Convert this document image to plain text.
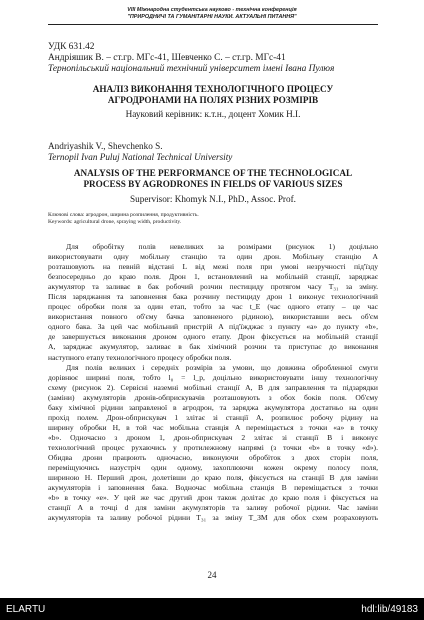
VIII Міжнародна студентська науково - технічна конференція
"ПРИРОДНИЧІ ТА ГУМАНІТАРНІ НАУКИ. АКТУАЛЬНІ ПИТАННЯ"
УДК 631.42
Андріяшик В. – ст.гр. МГс-41, Шевченко С. – ст.гр. МГс-41
Тернопільський національний технічний університет імені Івана Пулюя
АНАЛІЗ ВИКОНАННЯ ТЕХНОЛОГІЧНОГО ПРОЦЕСУ
АГРОДРОНАМИ НА ПОЛЯХ РІЗНИХ РОЗМІРІВ
Науковий керівник: к.т.н., доцент Хомик Н.І.
Andriyashik V., Shevchenko S.
Ternopil Ivan Puluj National Technical University
ANALYSIS OF THE PERFORMANCE OF THE TECHNOLOGICAL
PROCESS BY AGRODRONES IN FIELDS OF VARIOUS SIZES
Supervisor: Khomyk N.I., PhD., Assoc. Prof.
Ключові слова: агродрон, ширина розпилення, продуктивність.
Keywords: agricultural drone, spraying width, productivity.
Для обробітку полів невеликих за розмірами (рисунок 1) доцільно
використовувати одну мобільну станцію та один дрон. Мобільну станцію A
розташовують на певній відстані L від межі поля при умові незручності під'їзду
безпосередньо до краю поля. Дрон 1, встановлений на мобільній станції, заряджає
акумулятор та заливає в бак робочий розчин пестициду протягом часу T₃₁ за зміну.
Після заряджання та заповнення бака розчину пестициду дрон 1 виконує технологічний
процес обробки поля за один етап, тобто за час t_E (час одного етапу – це час
використання повного об'єму бачка заповненого рідиною), використавши весь об'єм
одного бака. За цей час мобільний пристрій A під'їжджає з пункту «a» до пункту «b»,
де завершується виконання дроном одного етапу. Дрон фіксується на мобільній станції
A, заряджає акумулятор, заливає в бак хімічний розчин та приступає до виконання
наступного етапу технологічного процесу обробки поля.
Для полів великих і середніх розмірів за умови, що довжина обробленної смуги
дорівнює ширині поля, тобто l₀ = l_p, доцільно використовувати іншу технологічну
схему (рисунок 2). Сервісні наземні мобільні станції A, B для заправлення та підзарядки
(заміни) акумуляторів дронів-обприскувачів розташовують з обох боків поля. Об'єму
баку хімічної рідини заправленої в агродрон, та заряджа акумулятора достатньо на один
прохід полем. Дрон-обприскувач 1 злітає зі станції A, розпилює робочу рідину на
ширину обробки H, в той час мобільна станція A переміщається з точки «a» в точку
«b». Одночасно з дроном 1, дрон-обприскувач 2 злітає зі станції B і виконує
технологічний процес рухаючись у протилежному напрямі (з точки «b» в точку «d»).
Обидва дрони працюють одночасно, виконуючи обробіток з двох сторін поля,
переміщуючись назустріч один одному, захоплюючи кожен окрему полосу поля,
шириною H. Перший дрон, долетівши до краю поля, фіксується на станції B для заміни
акумуляторів і заповнення бака. Водночас мобільна станція B переміщається з точки
«b» в точку «e». У цей же час другий дрон також долітає до краю поля і фіксується на
станції A в точці d для заміни акумуляторів та заливу робочої рідини. Час заміни
акумуляторів та заливу робочої рідини T₃₁ за зміну T_ЗМ для обох схем розраховують
24
ELARTU	hdl:lib/49183
